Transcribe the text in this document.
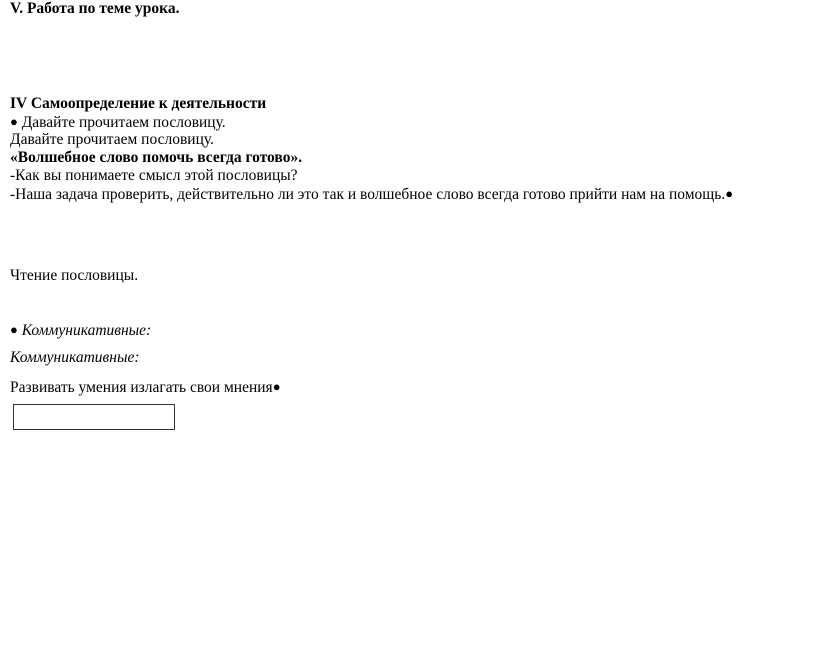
V. Работа по теме урока.
IV Самоопределение к деятельности
● Давайте прочитаем пословицу.
Давайте прочитаем пословицу.
«Волшебное слово помочь всегда готово».
-Как вы понимаете смысл этой пословицы?
-Наша задача проверить, действительно ли это так и волшебное слово всегда готово прийти нам на помощь.●
Чтение пословицы.
● Коммуникативные:
Коммуникативные:
Развивать умения излагать свои мнения●
